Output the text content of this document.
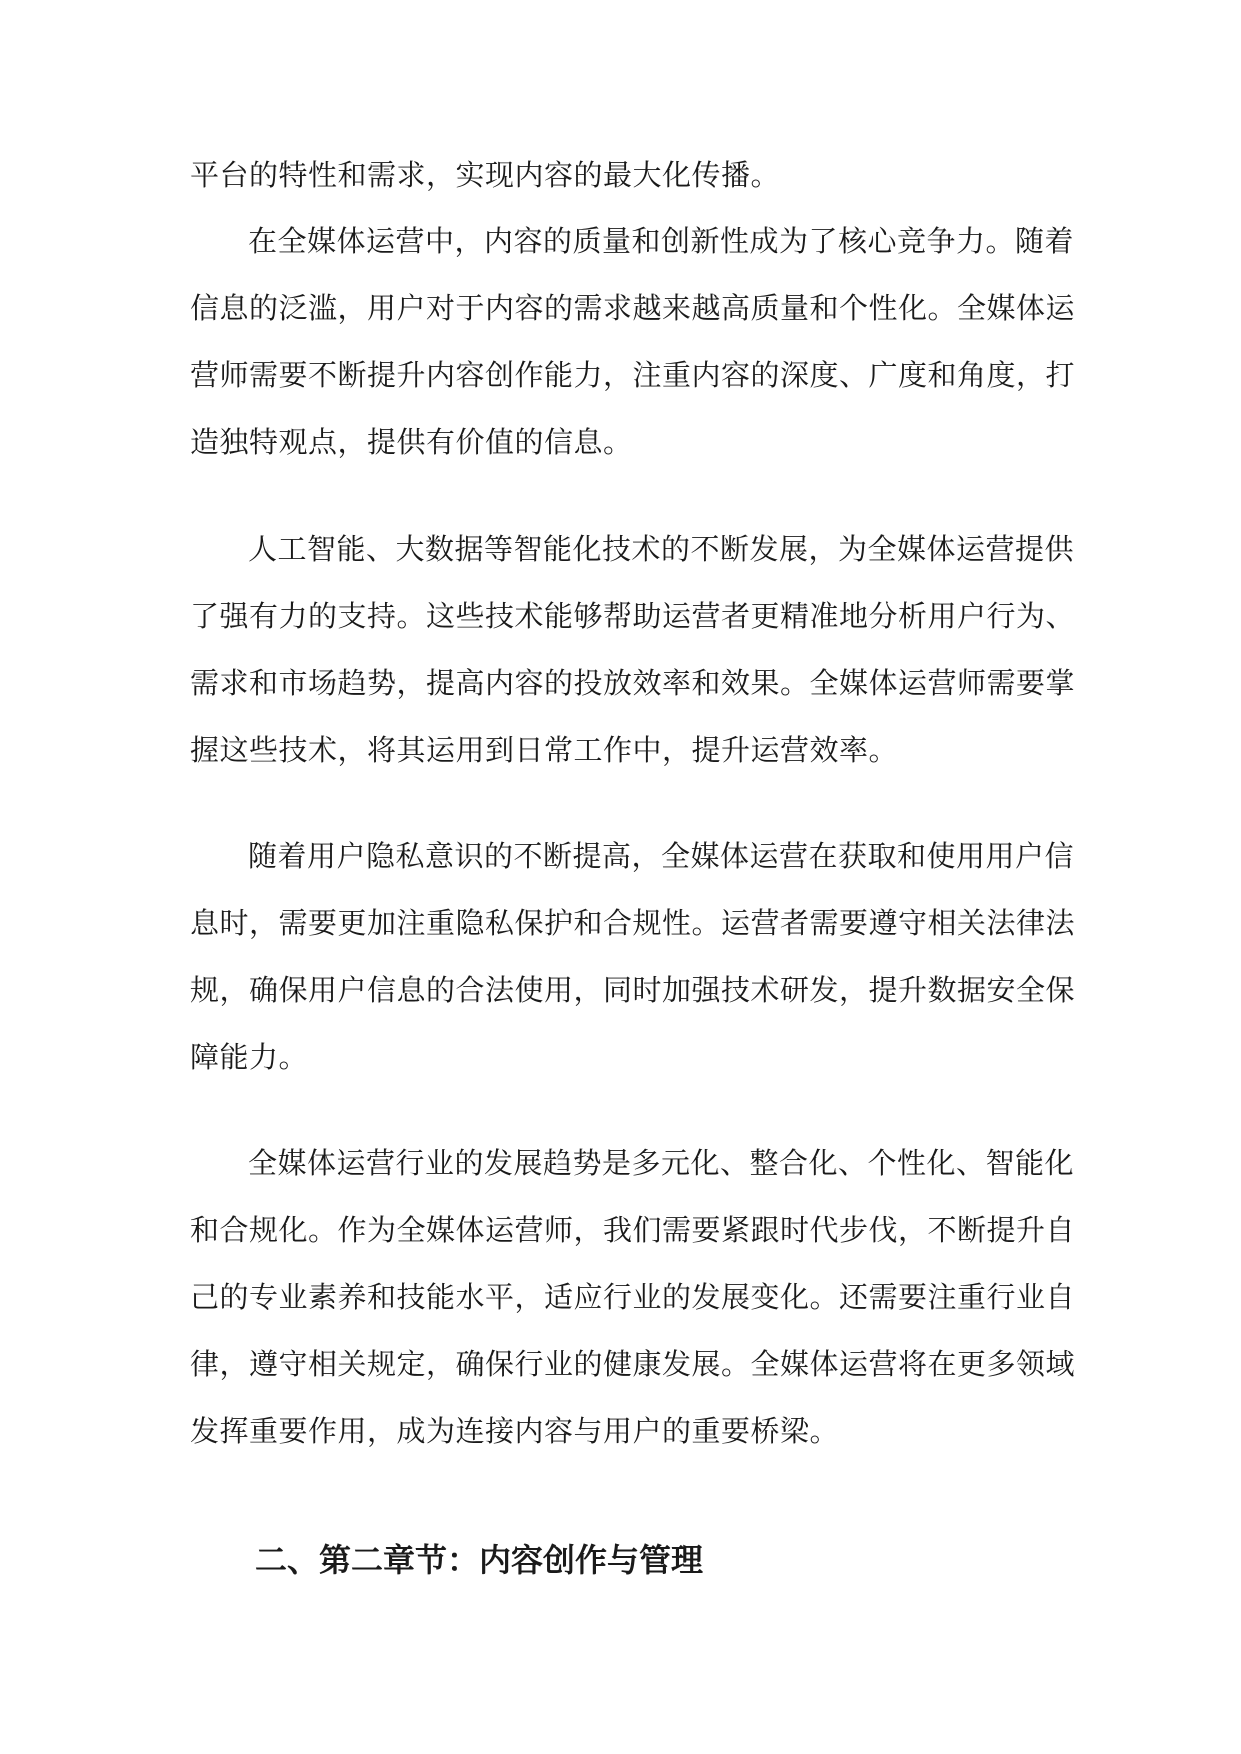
平台的特性和需求，实现内容的最大化传播。
在全媒体运营中，内容的质量和创新性成为了核心竞争力。随着
信息的泛滥，用户对于内容的需求越来越高质量和个性化。全媒体运
营师需要不断提升内容创作能力，注重内容的深度、广度和角度，打
造独特观点，提供有价值的信息。
人工智能、大数据等智能化技术的不断发展，为全媒体运营提供
了强有力的支持。这些技术能够帮助运营者更精准地分析用户行为、
需求和市场趋势，提高内容的投放效率和效果。全媒体运营师需要掌
握这些技术，将其运用到日常工作中，提升运营效率。
随着用户隐私意识的不断提高，全媒体运营在获取和使用用户信
息时，需要更加注重隐私保护和合规性。运营者需要遵守相关法律法
规，确保用户信息的合法使用，同时加强技术研发，提升数据安全保
障能力。
全媒体运营行业的发展趋势是多元化、整合化、个性化、智能化
和合规化。作为全媒体运营师，我们需要紧跟时代步伐，不断提升自
己的专业素养和技能水平，适应行业的发展变化。还需要注重行业自
律，遵守相关规定，确保行业的健康发展。全媒体运营将在更多领域
发挥重要作用，成为连接内容与用户的重要桥梁。
二、第二章节：内容创作与管理
